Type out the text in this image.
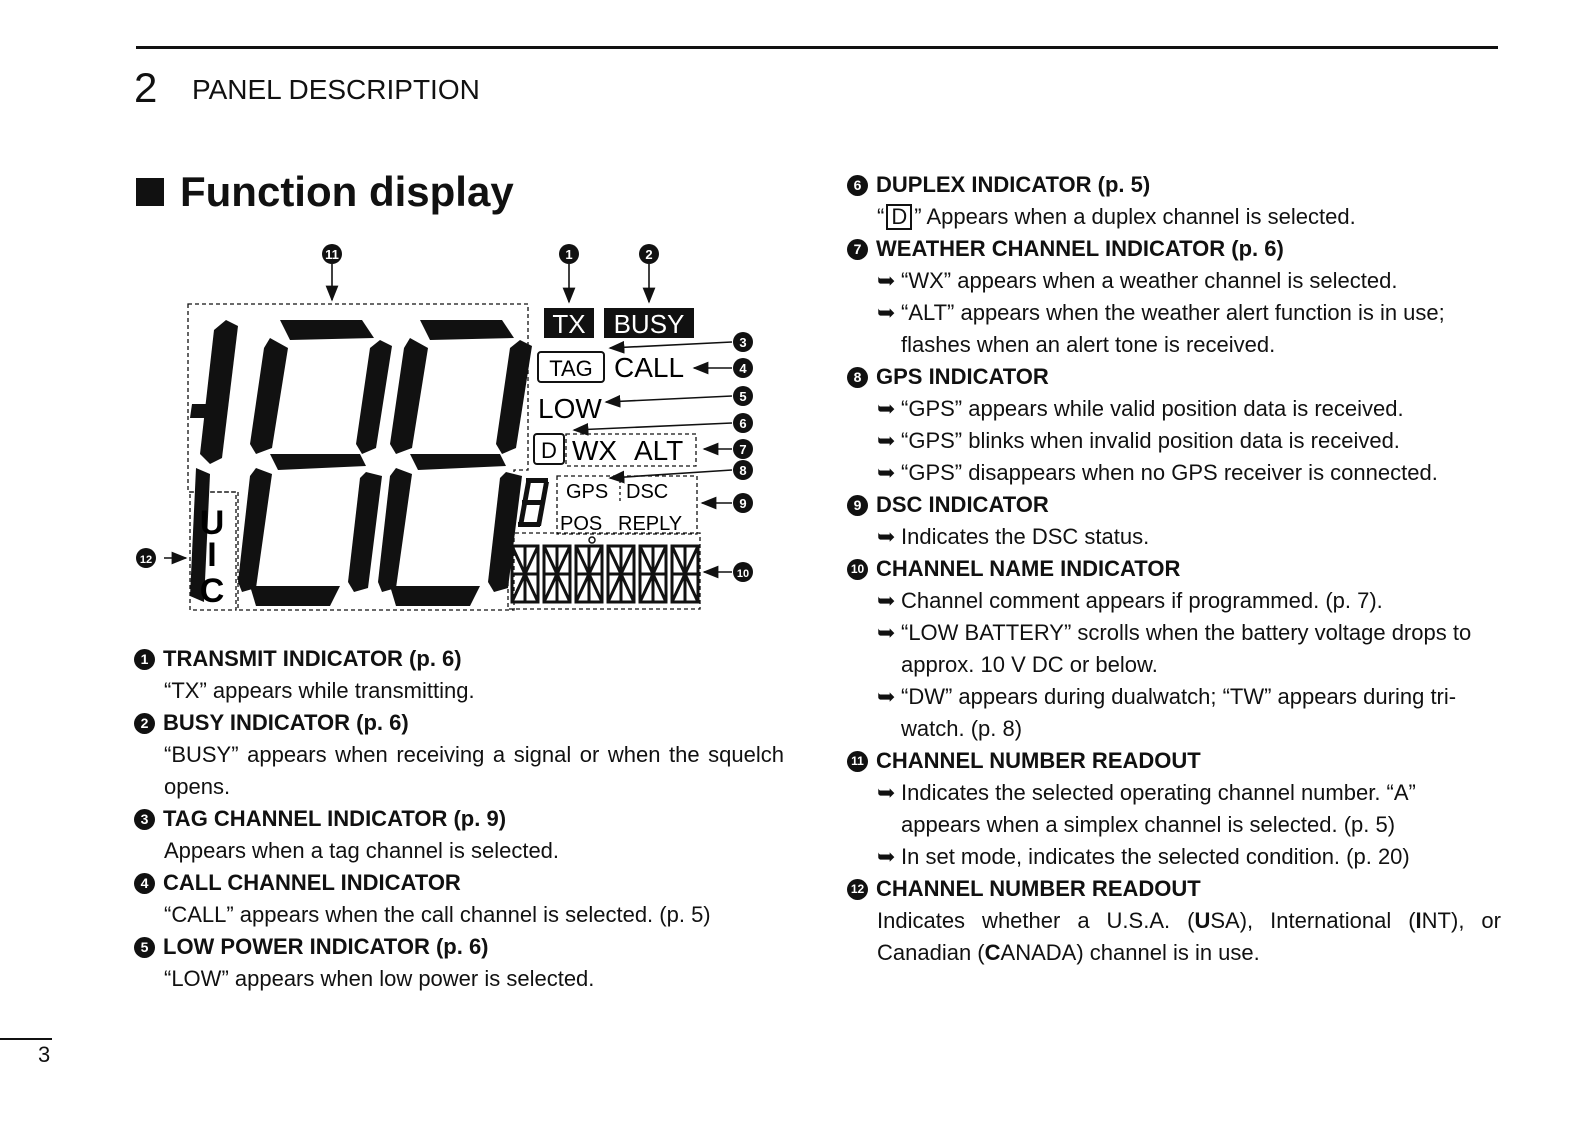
2 PANEL DESCRIPTION
Function display
U
I
C
TX BUSY
TAG CALL
LOW
D WX ALT
GPS DSC
POS REPLY
11	1	2
3
4
5
6
7
8
9
10
12
1 TRANSMIT INDICATOR (p. 6)
“TX” appears while transmitting.
2 BUSY INDICATOR (p. 6)
“BUSY” appears when receiving a signal or when the squelch opens.
3 TAG CHANNEL INDICATOR (p. 9)
Appears when a tag channel is selected.
4 CALL CHANNEL INDICATOR
“CALL” appears when the call channel is selected. (p. 5)
5 LOW POWER INDICATOR (p. 6)
“LOW” appears when low power is selected.
6 DUPLEX INDICATOR (p. 5)
“ D ” Appears when a duplex channel is selected.
7 WEATHER CHANNEL INDICATOR (p. 6)
➥ “WX” appears when a weather channel is selected.
➥ “ALT” appears when the weather alert function is in use; flashes when an alert tone is received.
8 GPS INDICATOR
➥ “GPS” appears while valid position data is received.
➥ “GPS” blinks when invalid position data is received.
➥ “GPS” disappears when no GPS receiver is connected.
9 DSC INDICATOR
➥ Indicates the DSC status.
10 CHANNEL NAME INDICATOR
➥ Channel comment appears if programmed. (p. 7).
➥ “LOW BATTERY” scrolls when the battery voltage drops to approx. 10 V DC or below.
➥ “DW” appears during dualwatch; “TW” appears during tri-watch. (p. 8)
11 CHANNEL NUMBER READOUT
➥ Indicates the selected operating channel number. “A” appears when a simplex channel is selected. (p. 5)
➥ In set mode, indicates the selected condition. (p. 20)
12 CHANNEL NUMBER READOUT
Indicates whether a U.S.A. (USA), International (INT), or Canadian (CANADA) channel is in use.
3
